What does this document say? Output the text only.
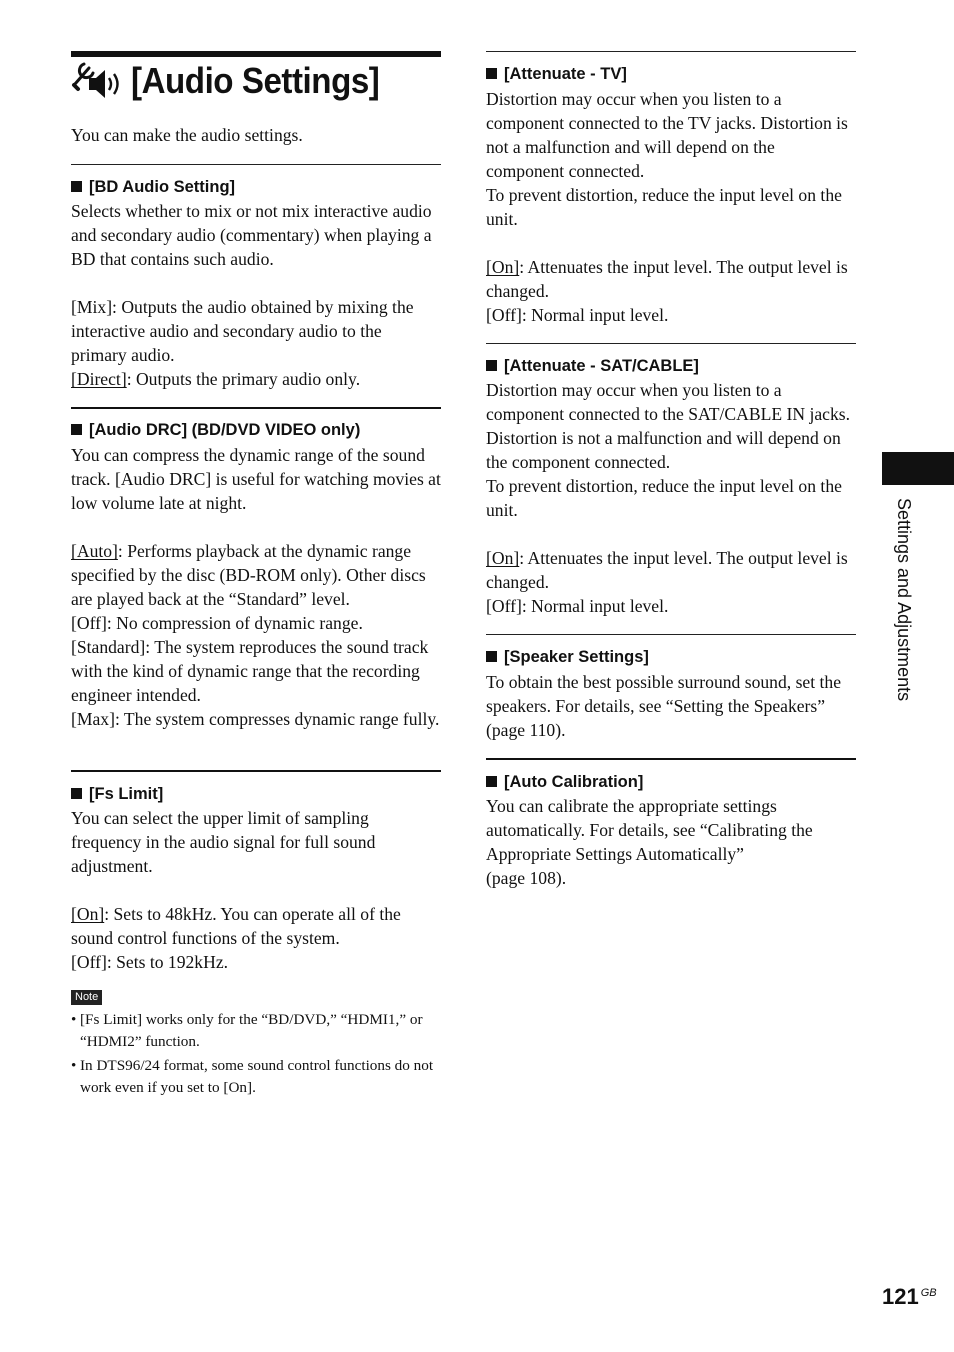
[Audio Settings]

You can make the audio settings.

[BD Audio Setting]

Selects whether to mix or not mix interactive audio and secondary audio (commentary) when playing a BD that contains such audio.

[Mix]: Outputs the audio obtained by mixing the interactive audio and secondary audio to the primary audio.

[Direct]: Outputs the primary audio only.

[Audio DRC] (BD/DVD VIDEO only)

You can compress the dynamic range of the sound track. [Audio DRC] is useful for watching movies at low volume late at night.

[Auto]: Performs playback at the dynamic range specified by the disc (BD-ROM only). Other discs are played back at the “Standard” level.

[Off]: No compression of dynamic range.

[Standard]: The system reproduces the sound track with the kind of dynamic range that the recording engineer intended.

[Max]: The system compresses dynamic range fully.

[Fs Limit]

You can select the upper limit of sampling frequency in the audio signal for full sound adjustment.

[On]: Sets to 48kHz. You can operate all of the sound control functions of the system.

[Off]: Sets to 192kHz.

Note
• [Fs Limit] works only for the “BD/DVD,” “HDMI1,” or “HDMI2” function.
• In DTS96/24 format, some sound control functions do not work even if you set to [On].
[Attenuate - TV]

Distortion may occur when you listen to a component connected to the TV jacks. Distortion is not a malfunction and will depend on the component connected.

To prevent distortion, reduce the input level on the unit.

[On]: Attenuates the input level. The output level is changed.

[Off]: Normal input level.

[Attenuate - SAT/CABLE]

Distortion may occur when you listen to a component connected to the SAT/CABLE IN jacks. Distortion is not a malfunction and will depend on the component connected.

To prevent distortion, reduce the input level on the unit.

[On]: Attenuates the input level. The output level is changed.

[Off]: Normal input level.

[Speaker Settings]

To obtain the best possible surround sound, set the speakers. For details, see “Setting the Speakers” (page 110).

[Auto Calibration]

You can calibrate the appropriate settings automatically. For details, see “Calibrating the Appropriate Settings Automatically”

(page 108).

Settings and Adjustments
121 $^{GB}$
